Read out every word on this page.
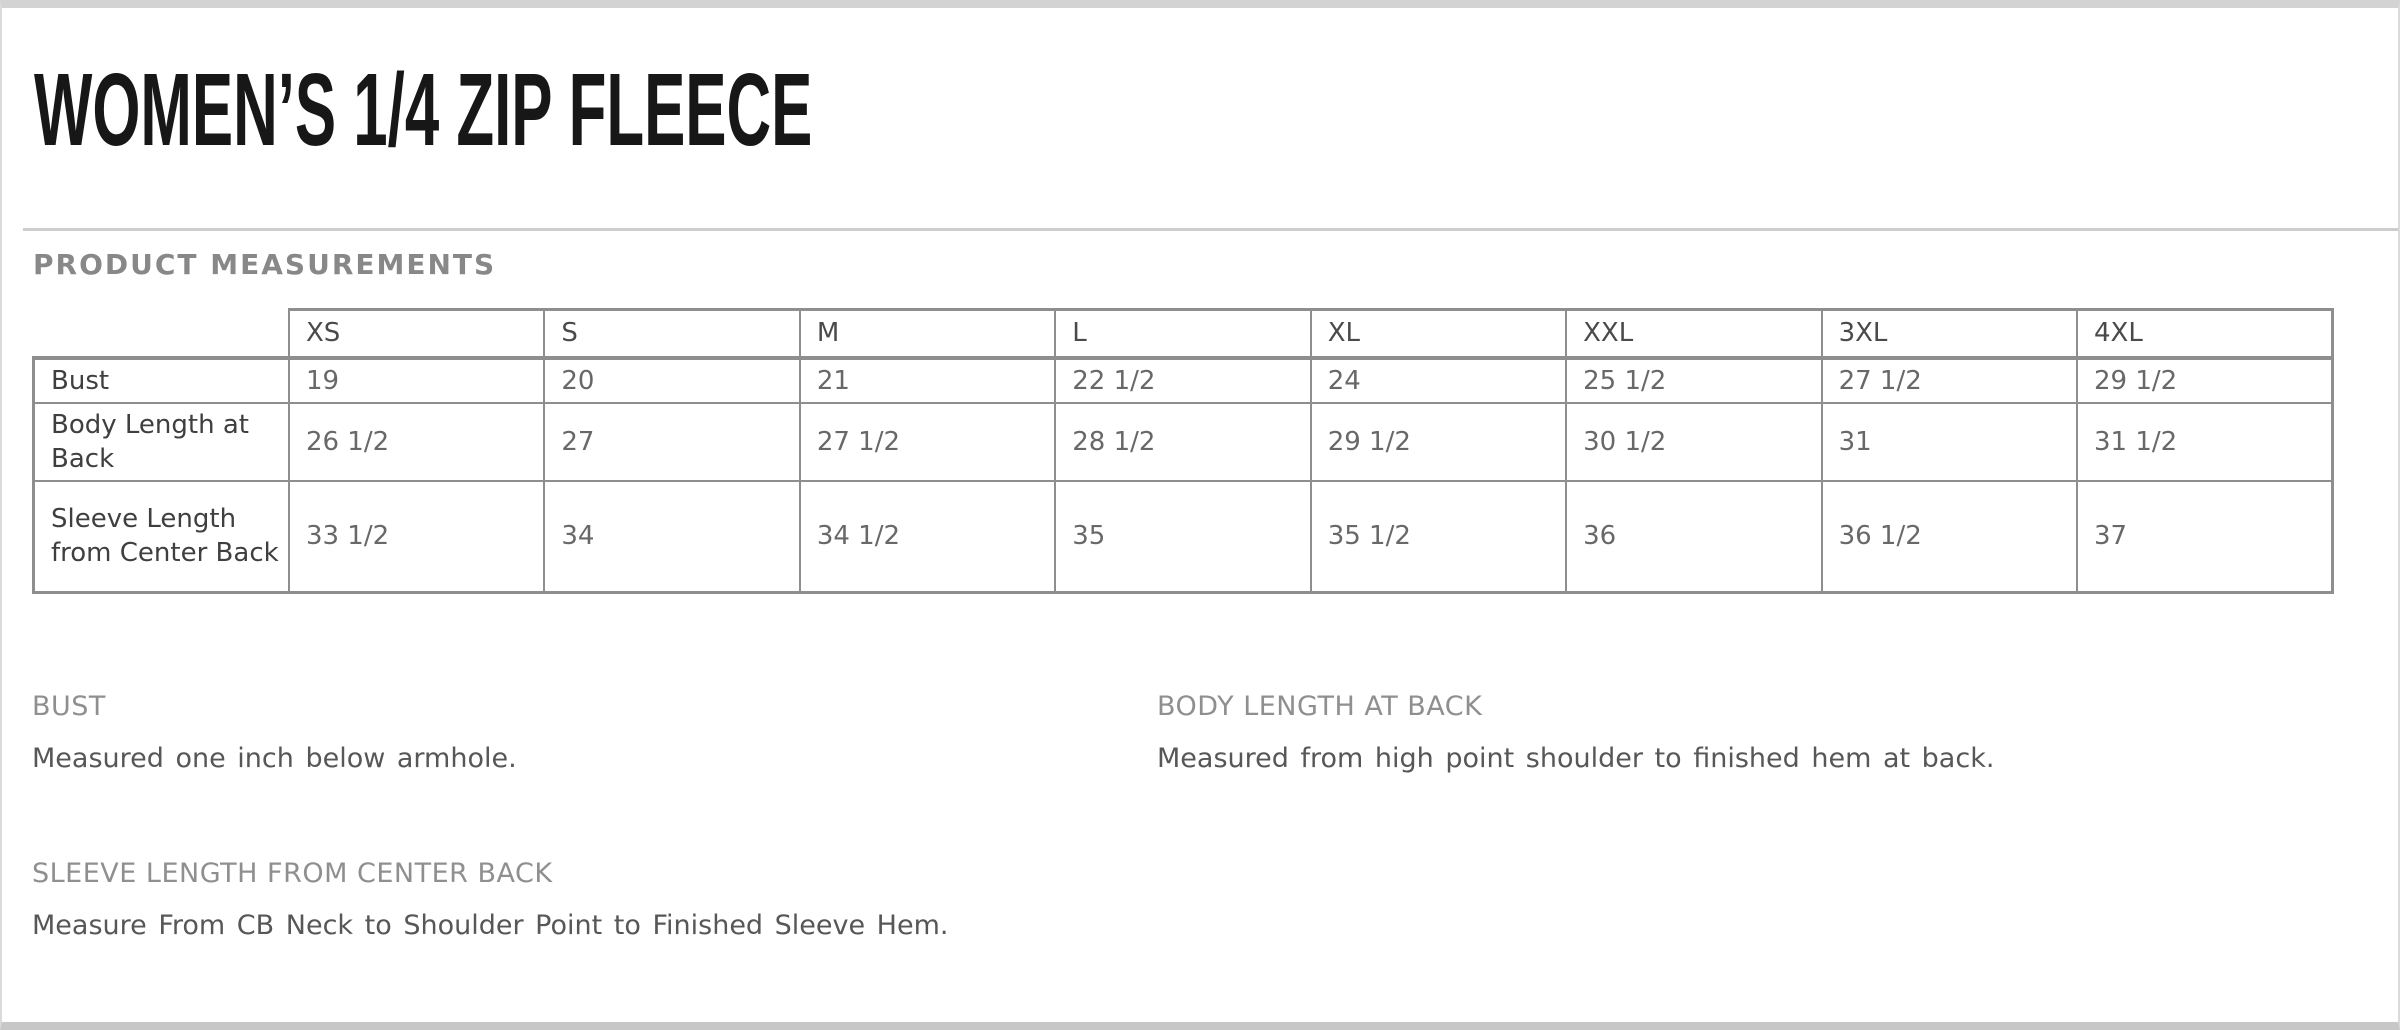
WOMEN’S 1/4 ZIP FLEECE
PRODUCT MEASUREMENTS
	XS	S	M	L	XL	XXL	3XL	4XL
Bust	19	20	21	22 1/2	24	25 1/2	27 1/2	29 1/2
Body Length at Back	26 1/2	27	27 1/2	28 1/2	29 1/2	30 1/2	31	31 1/2
Sleeve Length from Center Back	33 1/2	34	34 1/2	35	35 1/2	36	36 1/2	37
BUST
Measured one inch below armhole.
BODY LENGTH AT BACK
Measured from high point shoulder to finished hem at back.
SLEEVE LENGTH FROM CENTER BACK
Measure From CB Neck to Shoulder Point to Finished Sleeve Hem.
